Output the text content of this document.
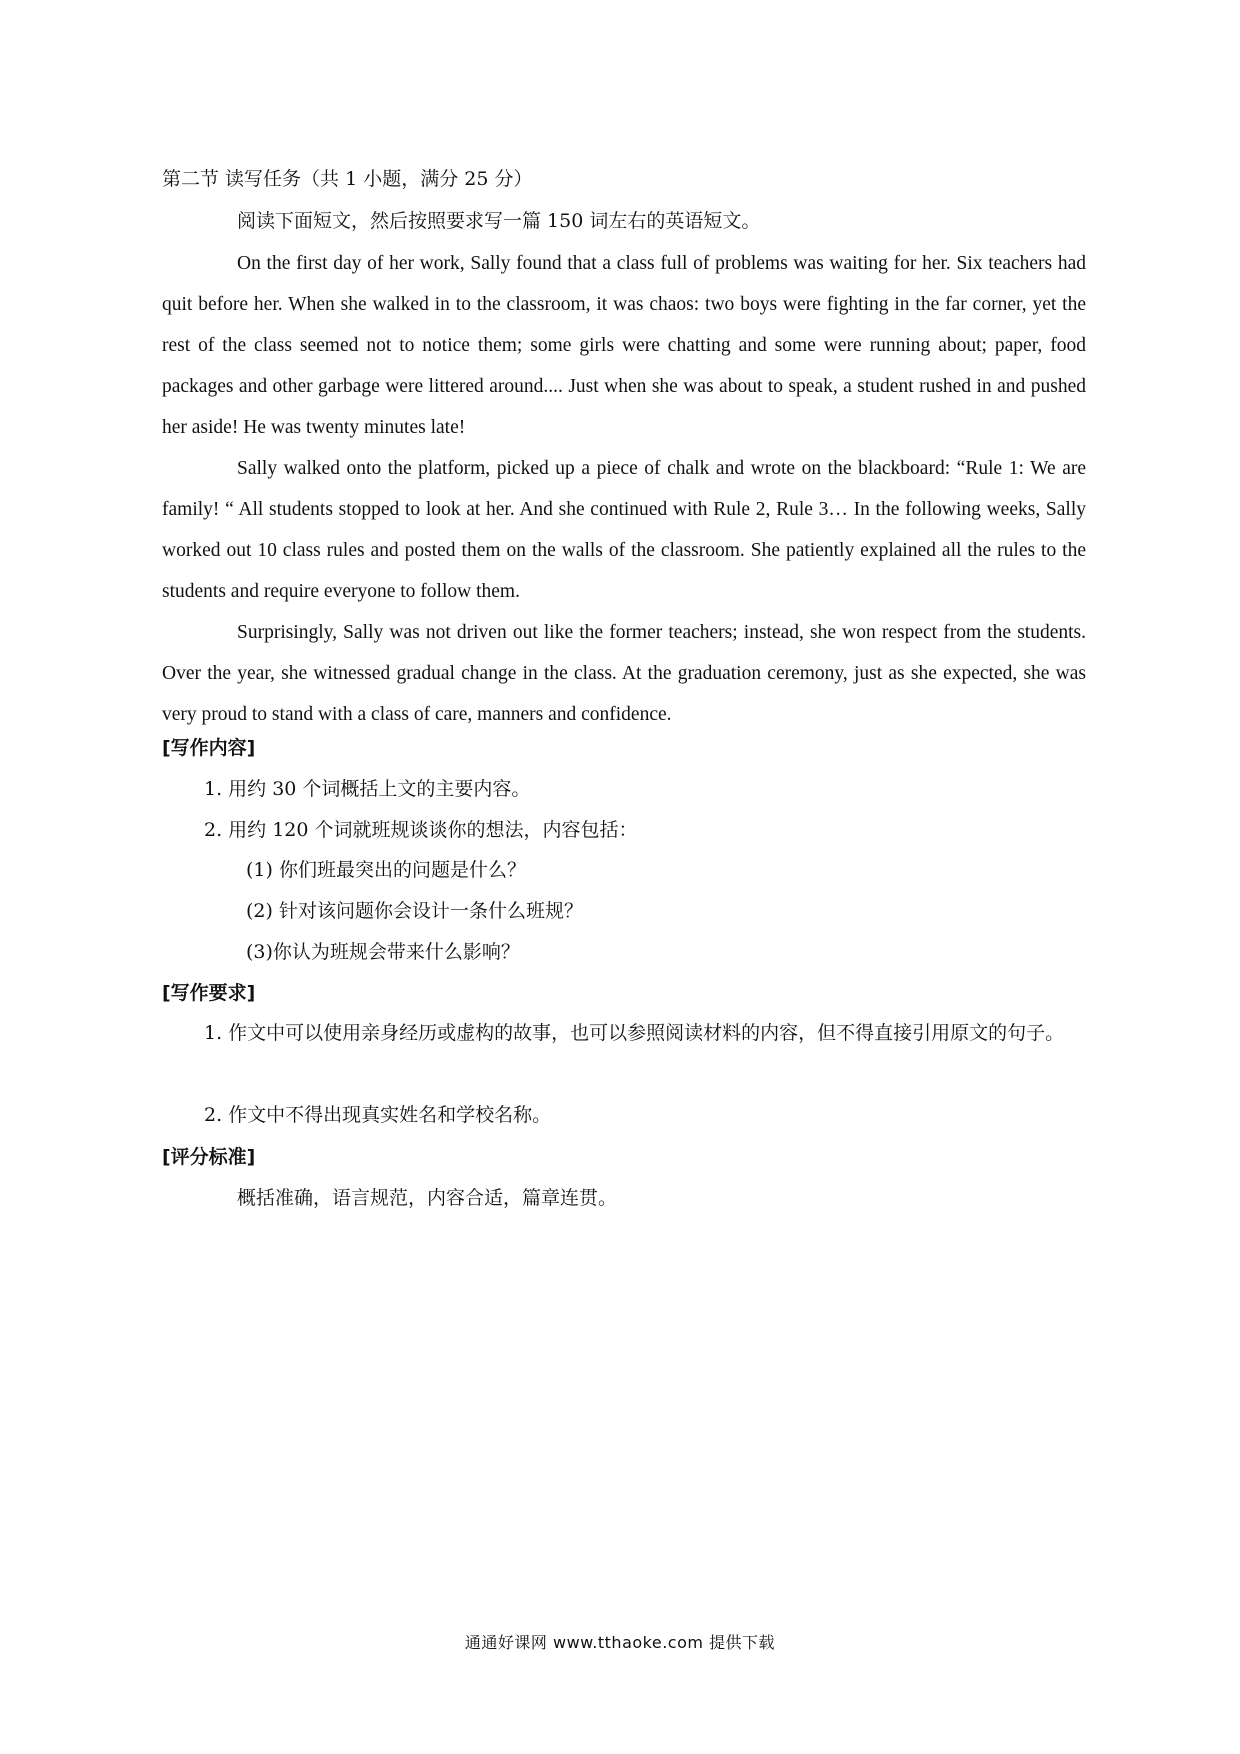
第二节 读写任务（共 1 小题，满分 25 分）
阅读下面短文，然后按照要求写一篇 150 词左右的英语短文。

On the first day of her work, Sally found that a class full of problems was waiting for her. Six teachers had quit before her. When she walked in to the classroom, it was chaos: two boys were fighting in the far corner, yet the rest of the class seemed not to notice them; some girls were chatting and some were running about; paper, food packages and other garbage were littered around.... Just when she was about to speak, a student rushed in and pushed her aside! He was twenty minutes late!

Sally walked onto the platform, picked up a piece of chalk and wrote on the blackboard: “Rule 1: We are family! “ All students stopped to look at her. And she continued with Rule 2, Rule 3… In the following weeks, Sally worked out 10 class rules and posted them on the walls of the classroom. She patiently explained all the rules to the students and require everyone to follow them.

Surprisingly, Sally was not driven out like the former teachers; instead, she won respect from the students. Over the year, she witnessed gradual change in the class. At the graduation ceremony, just as she expected, she was very proud to stand with a class of care, manners and confidence.

[写作内容]
1. 用约 30 个词概括上文的主要内容。
2. 用约 120 个词就班规谈谈你的想法，内容包括：
(1) 你们班最突出的问题是什么？
(2) 针对该问题你会设计一条什么班规？
(3)你认为班规会带来什么影响？
[写作要求]

1. 作文中可以使用亲身经历或虚构的故事，也可以参照阅读材料的内容，但不得直接引用原文的句子。

2. 作文中不得出现真实姓名和学校名称。
[评分标准]
概括准确，语言规范，内容合适，篇章连贯。
通通好课网 www.tthaoke.com 提供下载
